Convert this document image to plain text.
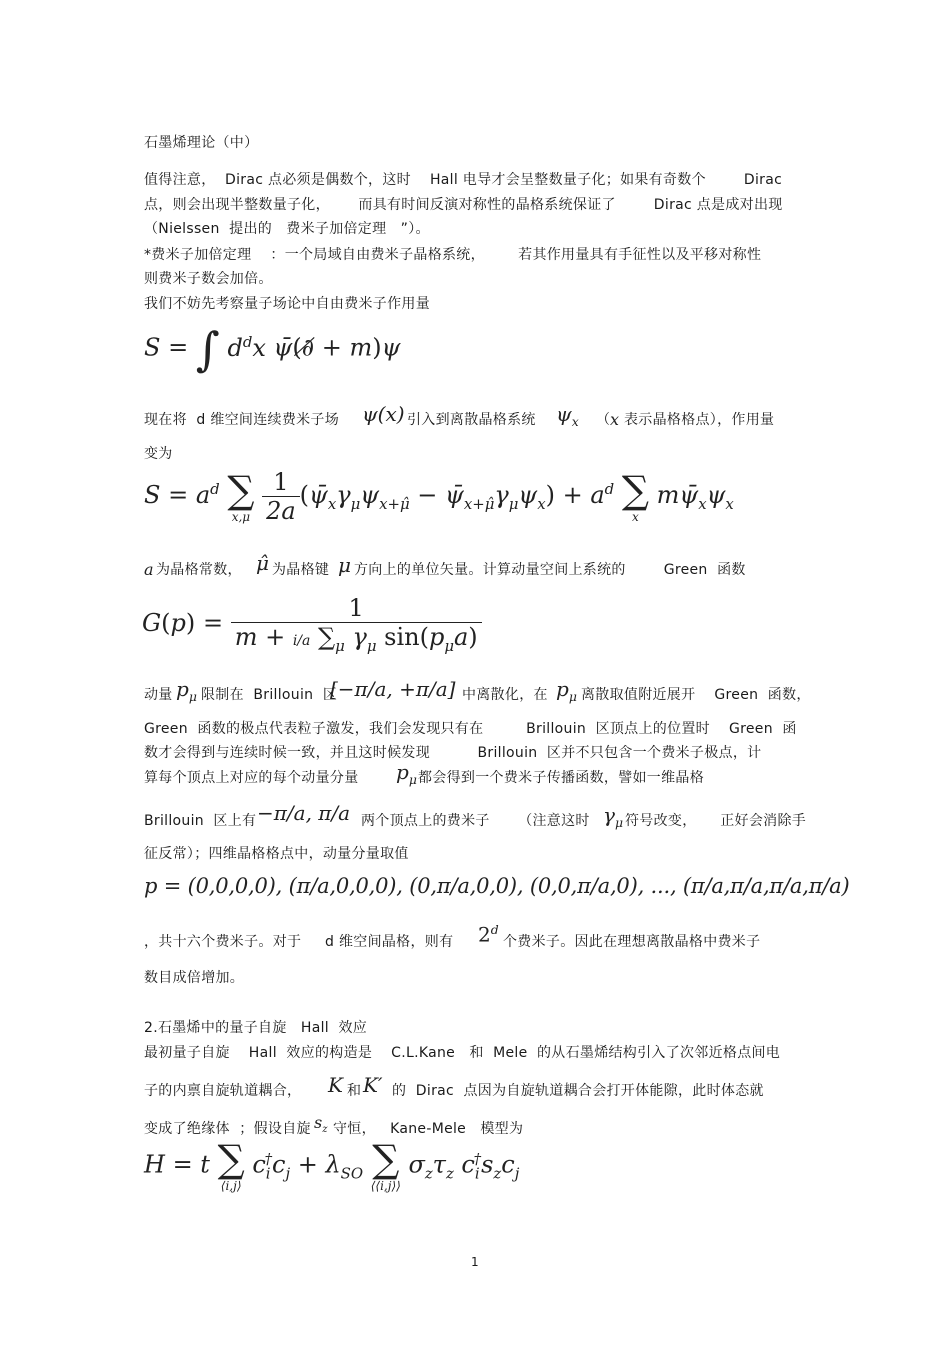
石墨烯理论（中）
值得注意，  Dirac 点必须是偶数个，这时    Hall 电导才会呈整数量子化；如果有奇数个        Dirac
点，则会出现半整数量子化，      而具有时间反演对称性的晶格系统保证了        Dirac 点是成对出现
（Nielssen  提出的   费米子加倍定理   ”）。
*费米子加倍定理    ：一个局域自由费米子晶格系统，       若其作用量具有手征性以及平移对称性
则费米子数会加倍。
我们不妨先考察量子场论中自由费米子作用量
S = ∫ $d^dx$ ψ̄(∂̸ + m)ψ
现在将  d 维空间连续费米子场 ψ(x) 引入到离散晶格系统 $\psi_x$ （ x 表示晶格格点），作用量
变为
$S = a^d$ ∑
x,μ
$\frac{1}{2a}$ ($\psī_x\gamma_\mu\psi_{x+\mû}$ − $\psī_{x+\mû}\gamma_\mu\psi_x) + a^d$ ∑
x
$m\psī_x\psi_x$
a 为晶格常数， μ̂ 为晶格键 μ 方向上的单位矢量。计算动量空间上系统的        Green  函数
$G(p) = \frac{1}{m + i/a \sum_\mu \gamma_\mu \sin(p_\mu a)}$
动量 $p_\mu$ 限制在  Brillouin  区
[−π/a, +π/a] 中离散化，在 $p_\mu$ 离散取值附近展开    Green  函数，
Green  函数的极点代表粒子激发，我们会发现只有在         Brillouin  区顶点上的位置时    Green  函
数才会得到与连续时候一致，并且这时候发现          Brillouin  区并不只包含一个费米子极点，计
算每个顶点上对应的每个动量分量 $p_\mu$ 都会得到一个费米子传播函数，譬如一维晶格
Brillouin  区上有 −π/a, π/a 两个顶点上的费米子      （注意这时 $\gamma_\mu$ 符号改变，     正好会消除手
征反常）；四维晶格格点中，动量分量取值
p = (0,0,0,0), (π/a,0,0,0), (0,π/a,0,0), (0,0,π/a,0), ..., (π/a,π/a,π/a,π/a)
，共十六个费米子。对于     d 维空间晶格，则有 2$^d$
个费米子。因此在理想离散晶格中费米子
数目成倍增加。
2.石墨烯中的量子自旋   Hall  效应
最初量子自旋    Hall  效应的构造是    C.L.Kane   和  Mele  的从石墨烯结构引入了次邻近格点间电
子的内禀自旋轨道耦合， K 和 K′ 的  Dirac  点因为自旋轨道耦合会打开体能隙，此时体态就
变成了绝缘体  ；假设自旋 $s_z$ 守恒，   Kane-Mele   模型为
H = t ∑
⟨i,j⟩
$c_i^\dagger c_j + \lambda_{SO}$ ∑
⟨⟨i,j⟩⟩
$\sigma_z\tau_z$ $c_i^\dagger s_zc_j$
1
